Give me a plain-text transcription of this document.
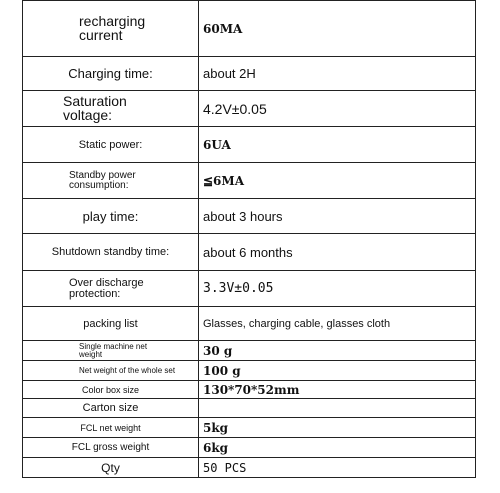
recharging current	60MA
Charging time:	about 2H
Saturation voltage:	4.2V±0.05
Static power:	6UA
Standby power consumption:	≦6MA
play time:	about 3 hours
Shutdown standby time:	about 6 months
Over discharge protection:	3.3V±0.05
packing list	Glasses, charging cable, glasses cloth
Single machine net weight	30 g
Net weight of the whole set	100 g
Color box size	130*70*52mm
Carton size	
FCL net weight	5kg
FCL gross weight	6kg
Qty	50 PCS
